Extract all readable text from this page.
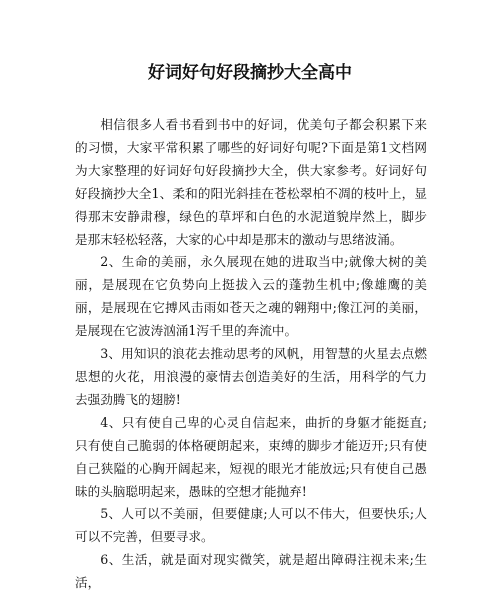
好词好句好段摘抄大全高中

相信很多人看书看到书中的好词，优美句子都会积累下来的习惯，大家平常积累了哪些的好词好句呢?下面是第1文档网为大家整理的好词好句好段摘抄大全，供大家参考。好词好句好段摘抄大全1、柔和的阳光斜挂在苍松翠柏不凋的枝叶上，显得那末安静肃穆，绿色的草坪和白色的水泥道貌岸然上，脚步是那末轻松轻落，大家的心中却是那末的激动与思绪波涌。

2、生命的美丽，永久展现在她的进取当中;就像大树的美丽，是展现在它负势向上挺拔入云的蓬勃生机中;像雄鹰的美丽，是展现在它搏风击雨如苍天之魂的翱翔中;像江河的美丽，是展现在它波涛汹涌1泻千里的奔流中。

3、用知识的浪花去推动思考的风帆，用智慧的火星去点燃思想的火花，用浪漫的豪情去创造美好的生活，用科学的气力去强劲腾飞的翅膀!

4、只有使自己卑的心灵自信起来，曲折的身躯才能挺直;只有使自己脆弱的体格硬朗起来，束缚的脚步才能迈开;只有使自己狭隘的心胸开阔起来，短视的眼光才能放远;只有使自己愚昧的头脑聪明起来，愚昧的空想才能抛弃!

5、人可以不美丽，但要健康;人可以不伟大，但要快乐;人可以不完善，但要寻求。

6、生活，就是面对现实微笑，就是超出障碍注视未来;生活，
